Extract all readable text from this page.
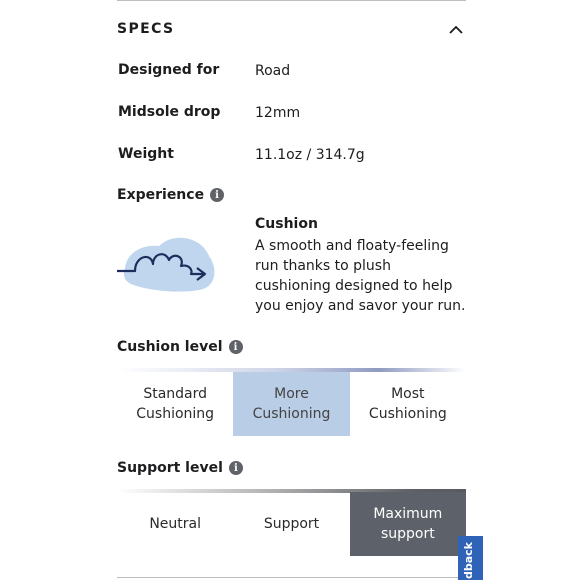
SPECS
Designed for	Road
Midsole drop 12mm
Weight	11.1oz / 314.7g
Experience	i
Cushion
A smooth and floaty-feeling run thanks to plush cushioning designed to help you enjoy and savor your run.
Cushion level	i
Standard
Cushioning
More
Cushioning
Most
Cushioning
Support level	i
Neutral	Support
Maximum
support
dback
